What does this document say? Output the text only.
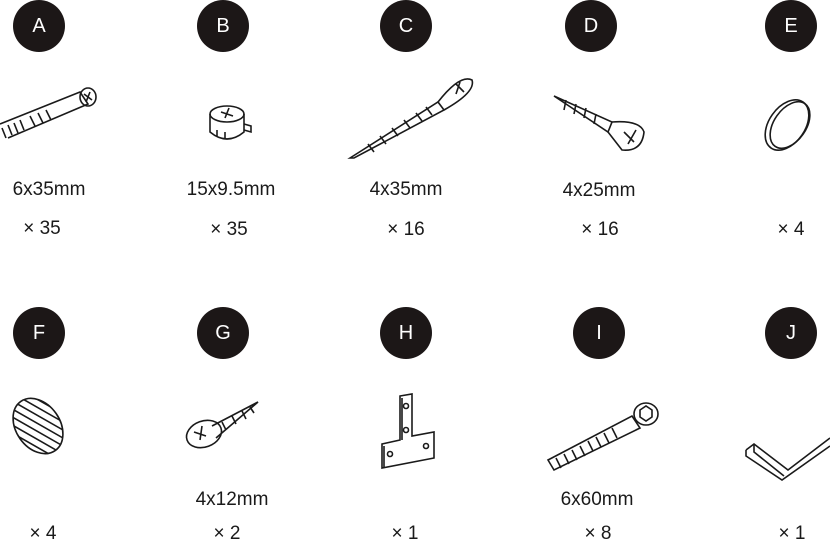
A
6x35mm
× 35
B
15x9.5mm
× 35
C
4x35mm
× 16
D
4x25mm
× 16
E
× 4
F
× 4
G
4x12mm
× 2
H
× 1
I
6x60mm
× 8
J
× 1
